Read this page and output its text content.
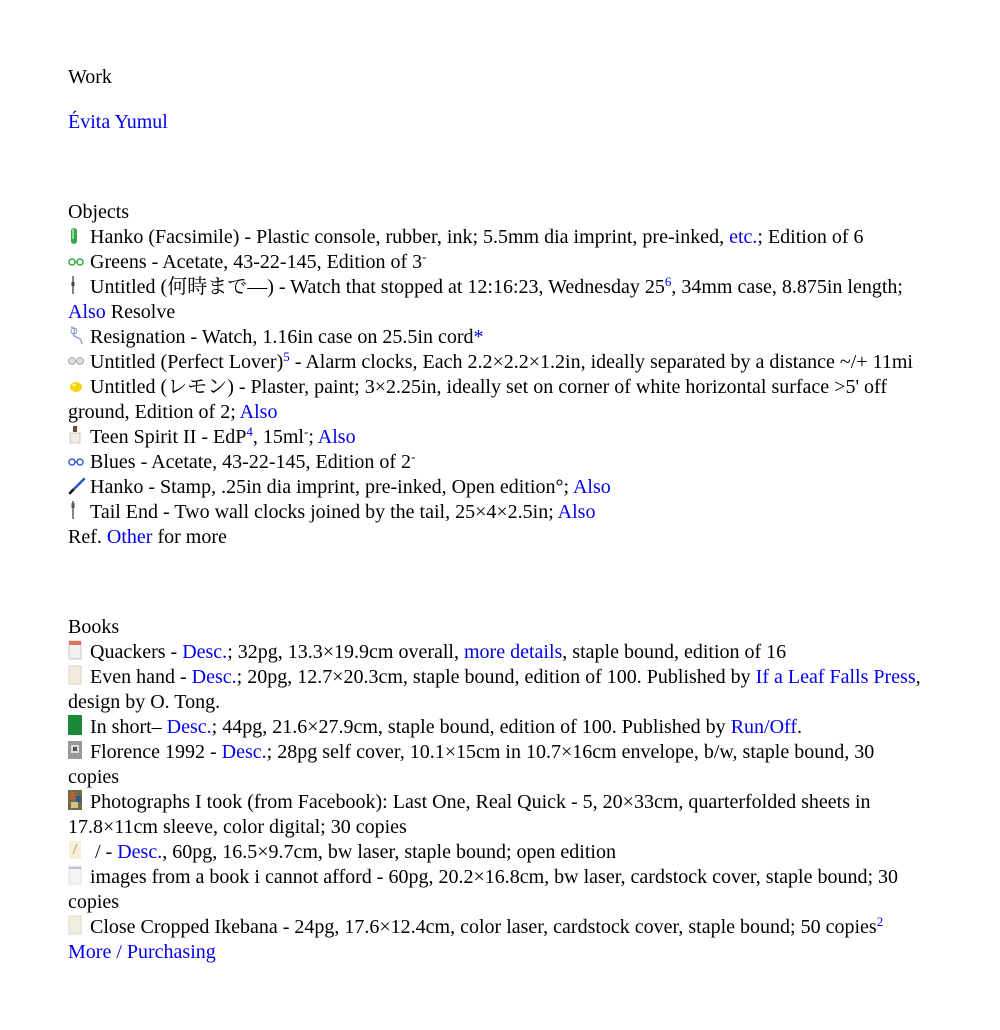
Work

Évita Yumul

Objects

Hanko (Facsimile) - Plastic console, rubber, ink; 5.5mm dia imprint, pre-inked, etc.; Edition of 6

Greens - Acetate, 43-22-145, Edition of 3-

Untitled (何時まで—) - Watch that stopped at 12:16:23, Wednesday 25$^6$, 34mm case, 8.875in length; Also Resolve

Resignation - Watch, 1.16in case on 25.5in cord*

Untitled (Perfect Lover)$^5$ - Alarm clocks, Each 2.2×2.2×1.2in, ideally separated by a distance ~/+ 11mi

Untitled (レモン) - Plaster, paint; 3×2.25in, ideally set on corner of white horizontal surface >5' off ground, Edition of 2; Also

Teen Spirit II - EdP$^4$, 15ml-; Also

Blues - Acetate, 43-22-145, Edition of 2-

Hanko - Stamp, .25in dia imprint, pre-inked, Open edition°; Also

Tail End - Two wall clocks joined by the tail, 25×4×2.5in; Also

Ref. Other for more

Books

Quackers - Desc.; 32pg, 13.3×19.9cm overall, more details, staple bound, edition of 16

Even hand - Desc.; 20pg, 12.7×20.3cm, staple bound, edition of 100. Published by If a Leaf Falls Press, design by O. Tong.

In short– Desc.; 44pg, 21.6×27.9cm, staple bound, edition of 100. Published by Run/Off.

Florence 1992 - Desc.; 28pg self cover, 10.1×15cm in 10.7×16cm envelope, b/w, staple bound, 30 copies

Photographs I took (from Facebook): Last One, Real Quick - 5, 20×33cm, quarterfolded sheets in 17.8×11cm sleeve, color digital; 30 copies

/ - Desc., 60pg, 16.5×9.7cm, bw laser, staple bound; open edition

images from a book i cannot afford - 60pg, 20.2×16.8cm, bw laser, cardstock cover, staple bound; 30 copies

Close Cropped Ikebana - 24pg, 17.6×12.4cm, color laser, cardstock cover, staple bound; 50 copies$^2$

More / Purchasing
